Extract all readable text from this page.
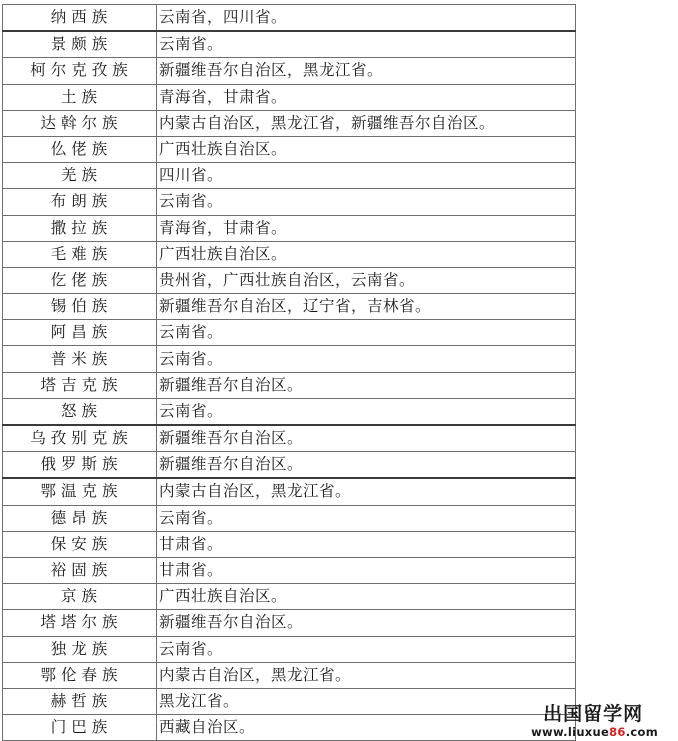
纳西族	云南省，四川省。
景颇族	云南省。
柯尔克孜族	新疆维吾尔自治区，黑龙江省。
土族	青海省，甘肃省。
达斡尔族	内蒙古自治区，黑龙江省，新疆维吾尔自治区。
仫佬族	广西壮族自治区。
羌族	四川省。
布朗族	云南省。
撒拉族	青海省，甘肃省。
毛难族	广西壮族自治区。
仡佬族	贵州省，广西壮族自治区，云南省。
锡伯族	新疆维吾尔自治区，辽宁省，吉林省。
阿昌族	云南省。
普米族	云南省。
塔吉克族	新疆维吾尔自治区。
怒族	云南省。
乌孜别克族	新疆维吾尔自治区。
俄罗斯族	新疆维吾尔自治区。
鄂温克族	内蒙古自治区，黑龙江省。
德昂族	云南省。
保安族	甘肃省。
裕固族	甘肃省。
京族	广西壮族自治区。
塔塔尔族	新疆维吾尔自治区。
独龙族	云南省。
鄂伦春族	内蒙古自治区，黑龙江省。
赫哲族	黑龙江省。
门巴族	西藏自治区。
出国留学网
www.liuxue86.com
